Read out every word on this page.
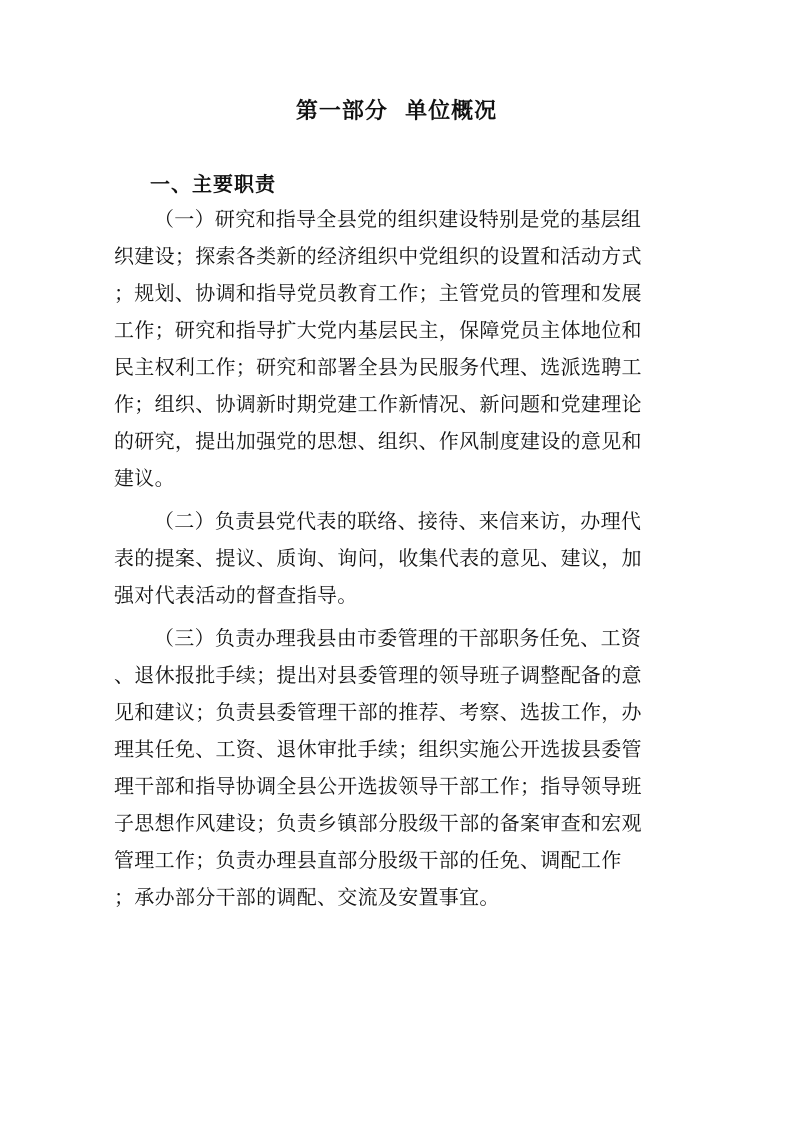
第一部分  单位概况
一、主要职责
（一）研究和指导全县党的组织建设特别是党的基层组
织建设；探索各类新的经济组织中党组织的设置和活动方式
；规划、协调和指导党员教育工作；主管党员的管理和发展
工作；研究和指导扩大党内基层民主，保障党员主体地位和
民主权利工作；研究和部署全县为民服务代理、选派选聘工
作；组织、协调新时期党建工作新情况、新问题和党建理论
的研究，提出加强党的思想、组织、作风制度建设的意见和
建议。
（二）负责县党代表的联络、接待、来信来访，办理代
表的提案、提议、质询、询问，收集代表的意见、建议，加
强对代表活动的督查指导。
（三）负责办理我县由市委管理的干部职务任免、工资
、退休报批手续；提出对县委管理的领导班子调整配备的意
见和建议；负责县委管理干部的推荐、考察、选拔工作，办
理其任免、工资、退休审批手续；组织实施公开选拔县委管
理干部和指导协调全县公开选拔领导干部工作；指导领导班
子思想作风建设；负责乡镇部分股级干部的备案审查和宏观
管理工作；负责办理县直部分股级干部的任免、调配工作
；承办部分干部的调配、交流及安置事宜。
